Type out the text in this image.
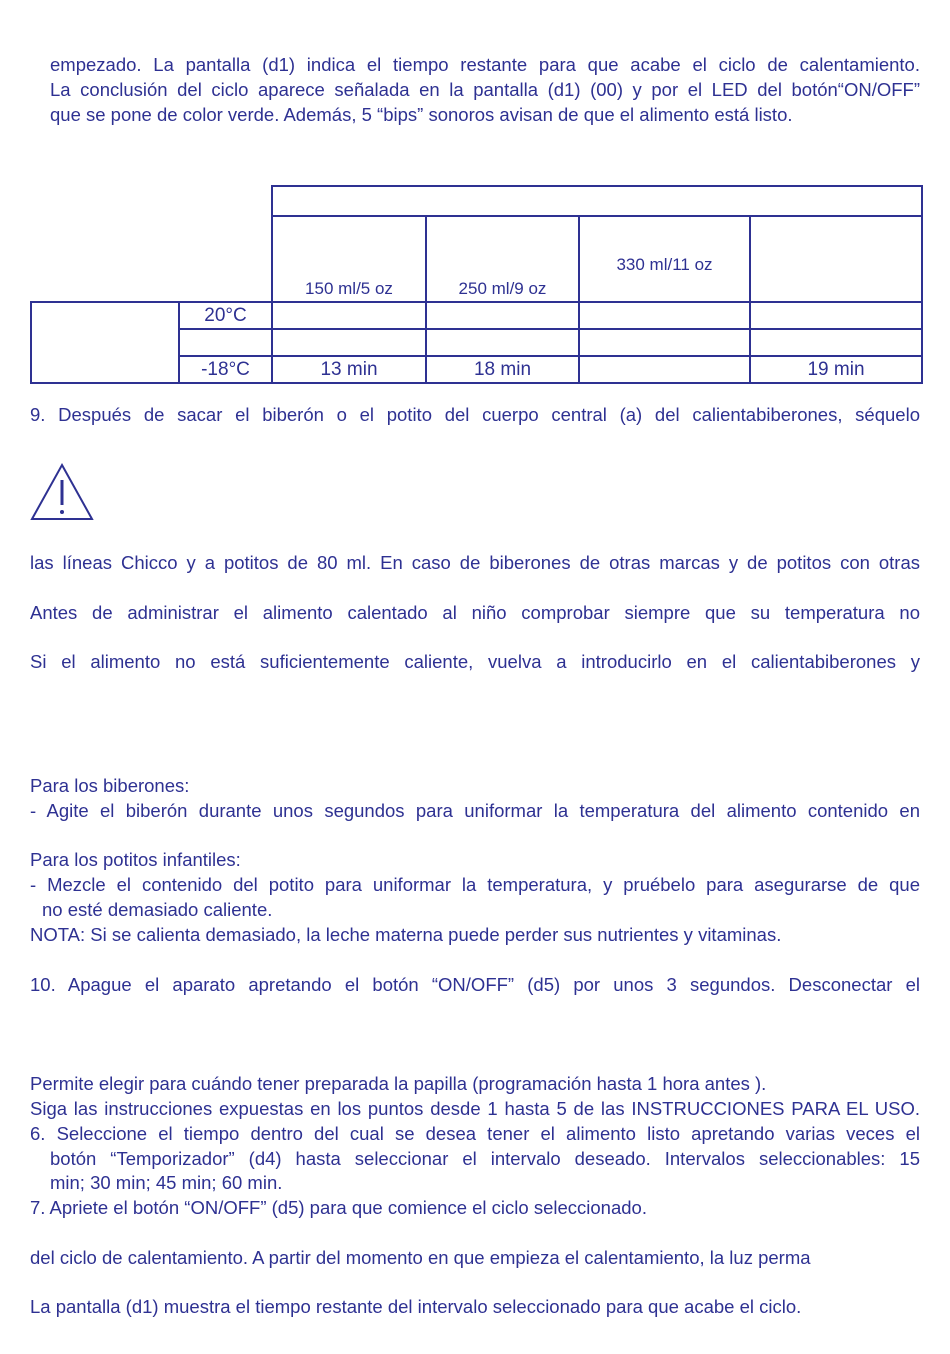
empezado. La pantalla (d1) indica el tiempo restante para que acabe el ciclo de calentamiento.
La conclusión del ciclo aparece señalada en la pantalla (d1) (00) y por el LED del botón“ON/OFF”
que se pone de color verde. Además, 5 “bips” sonoros avisan de que el alimento está listo.

		150 ml/5 oz	250 ml/9 oz	330 ml/11 oz	
	20°C				

	-18°C	13 min	18 min		19 min
9. Después de sacar el biberón o el potito del cuerpo central (a) del calientabiberones, séquelo
las líneas Chicco y a potitos de 80 ml. En caso de biberones de otras marcas y de potitos con otras
Antes de administrar el alimento calentado al niño comprobar siempre que su temperatura no
Si el alimento no está suficientemente caliente, vuelva a introducirlo en el calientabiberones y
Para los biberones:
- Agite el biberón durante unos segundos para uniformar la temperatura del alimento contenido en
Para los potitos infantiles:
- Mezcle el contenido del potito para uniformar la temperatura, y pruébelo para asegurarse de que
no esté demasiado caliente.
NOTA: Si se calienta demasiado, la leche materna puede perder sus nutrientes y vitaminas.
10. Apague el aparato apretando el botón “ON/OFF” (d5) por unos 3 segundos. Desconectar el
Permite elegir para cuándo tener preparada la papilla (programación hasta 1 hora antes ).
Siga las instrucciones expuestas en los puntos desde 1 hasta 5 de las INSTRUCCIONES PARA EL USO.
6. Seleccione el tiempo dentro del cual se desea tener el alimento listo apretando varias veces el
botón “Temporizador” (d4) hasta seleccionar el intervalo deseado. Intervalos seleccionables: 15
min; 30 min; 45 min; 60 min.
7. Apriete el botón “ON/OFF” (d5) para que comience el ciclo seleccionado.
del ciclo de calentamiento. A partir del momento en que empieza el calentamiento, la luz perma
La pantalla (d1) muestra el tiempo restante del intervalo seleccionado para que acabe el ciclo.
